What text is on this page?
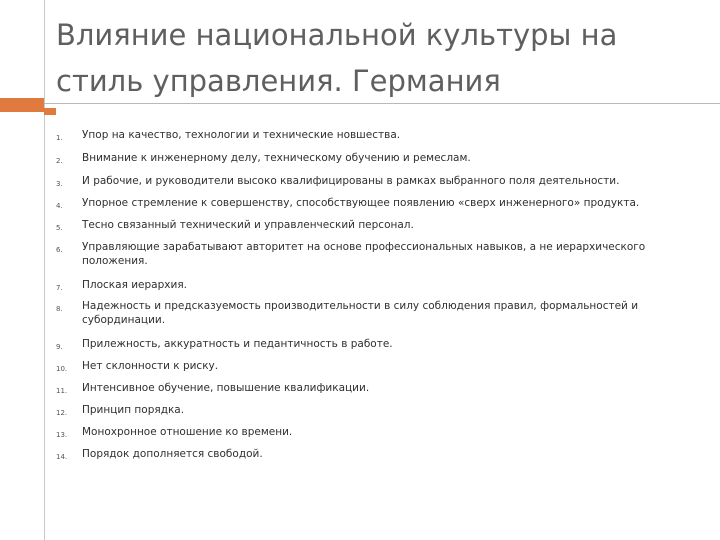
Влияние национальной культуры на стиль управления. Германия
1. Упор на качество, технологии и технические новшества.
2. Внимание к инженерному делу, техническому обучению и ремеслам.
3. И рабочие, и руководители высоко квалифицированы в рамках выбранного поля деятельности.
4. Упорное стремление к совершенству, способствующее появлению «сверх инженерного» продукта.
5. Тесно связанный технический и управленческий персонал.
6. Управляющие зарабатывают авторитет на основе профессиональных навыков, а не иерархического положения.
7. Плоская иерархия.
8. Надежность и предсказуемость производительности в силу соблюдения правил, формальностей и субординации.
9. Прилежность, аккуратность и педантичность в работе.
10. Нет склонности к риску.
11. Интенсивное обучение, повышение квалификации.
12. Принцип порядка.
13. Монохронное отношение ко времени.
14. Порядок дополняется свободой.
